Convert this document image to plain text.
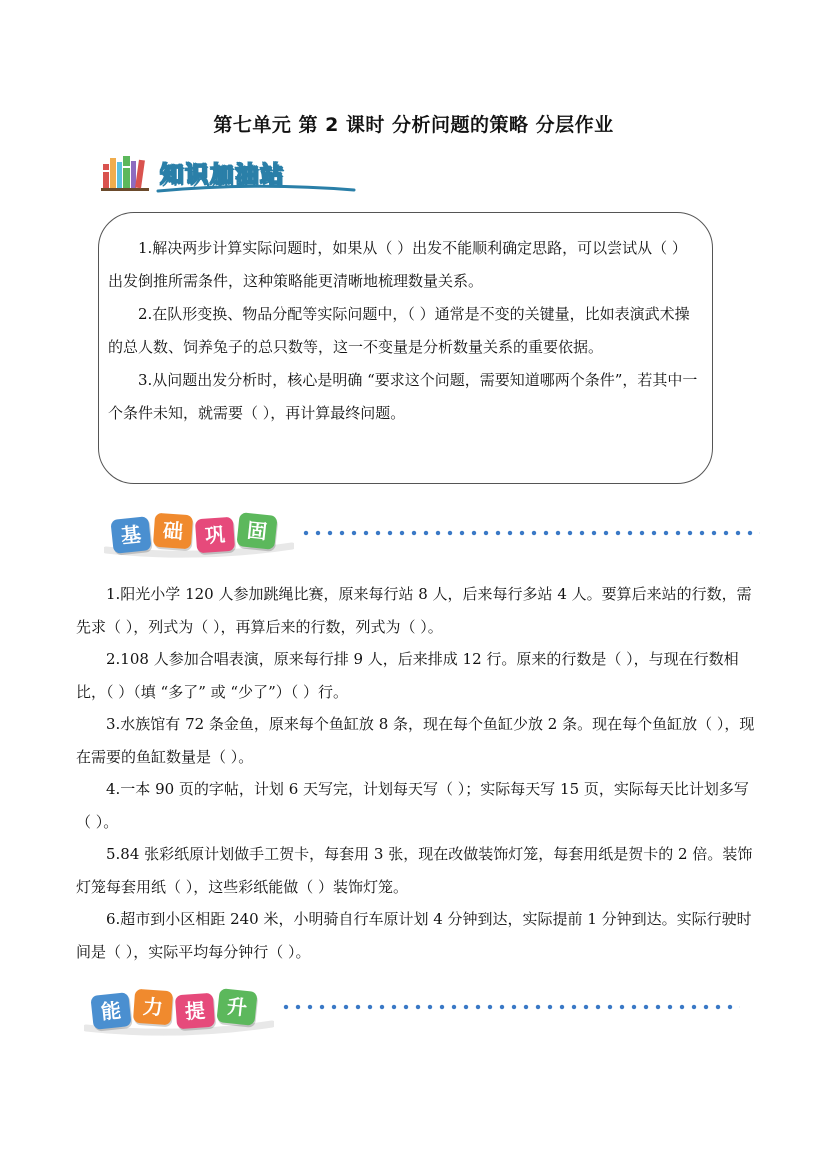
第七单元 第 2 课时 分析问题的策略 分层作业
知识加油站

1.解决两步计算实际问题时，如果从（ ）出发不能顺利确定思路，可以尝试从（ ）出发倒推所需条件，这种策略能更清晰地梳理数量关系。

2.在队形变换、物品分配等实际问题中，（ ）通常是不变的关键量，比如表演武术操的总人数、饲养兔子的总只数等，这一不变量是分析数量关系的重要依据。

3.从问题出发分析时，核心是明确 “要求这个问题，需要知道哪两个条件”，若其中一个条件未知，就需要（ ），再计算最终问题。

基 础	巩 固

1.阳光小学 120 人参加跳绳比赛，原来每行站 8 人，后来每行多站 4 人。要算后来站的行数，需先求（ ），列式为（ ），再算后来的行数，列式为（ ）。

2.108 人参加合唱表演，原来每行排 9 人，后来排成 12 行。原来的行数是（ ），与现在行数相比，（ ）（填 “多了” 或 “少了”）（ ）行。

3.水族馆有 72 条金鱼，原来每个鱼缸放 8 条，现在每个鱼缸少放 2 条。现在每个鱼缸放（ ），现在需要的鱼缸数量是（ ）。

4.一本 90 页的字帖，计划 6 天写完，计划每天写（ ）；实际每天写 15 页，实际每天比计划多写（ ）。

5.84 张彩纸原计划做手工贺卡，每套用 3 张，现在改做装饰灯笼，每套用纸是贺卡的 2 倍。装饰灯笼每套用纸（ ），这些彩纸能做（ ）装饰灯笼。

6.超市到小区相距 240 米，小明骑自行车原计划 4 分钟到达，实际提前 1 分钟到达。实际行驶时间是（ ），实际平均每分钟行（ ）。

能 力	提 升
